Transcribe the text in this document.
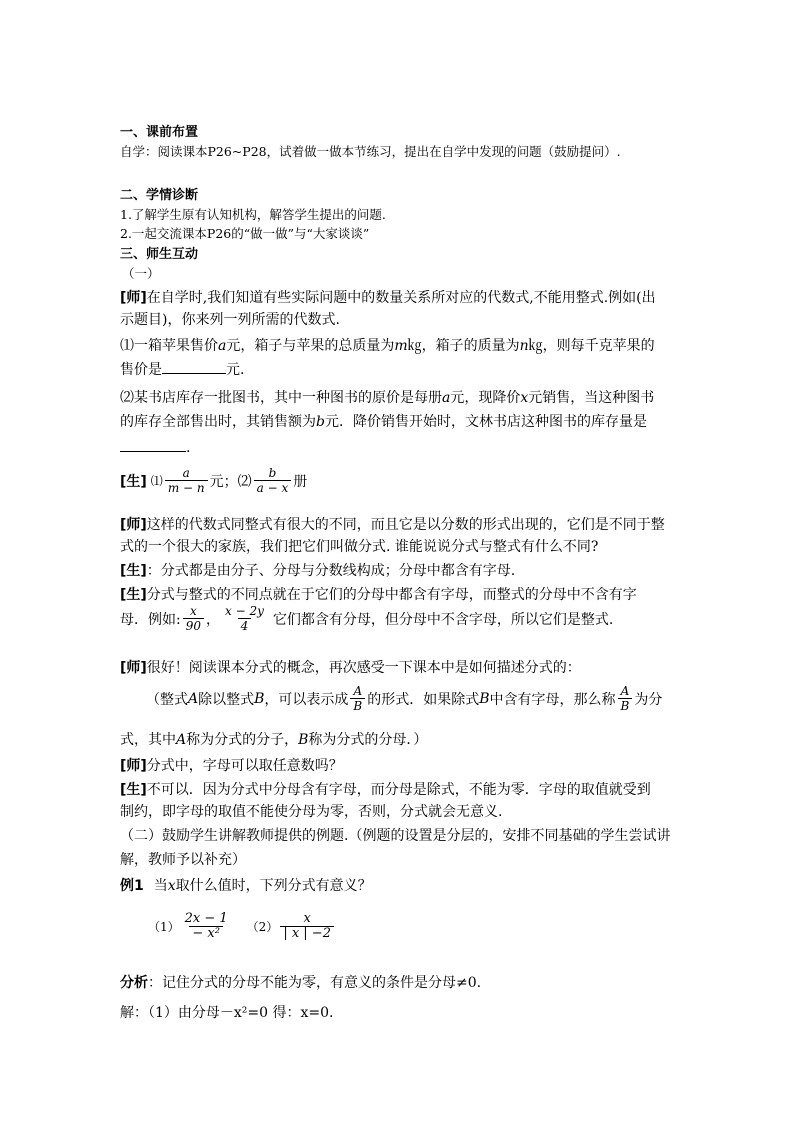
一、课前布置
自学：阅读课本P26~P28，试着做一做本节练习，提出在自学中发现的问题（鼓励提问）.
二、学情诊断
1.了解学生原有认知机构，解答学生提出的问题.
2.一起交流课本P26的“做一做”与“大家谈谈”
三、师生互动
（一）
[师]在自学时,我们知道有些实际问题中的数量关系所对应的代数式,不能用整式.例如(出
示题目)，你来列一列所需的代数式.
⑴一箱苹果售价a元，箱子与苹果的总质量为m㎏，箱子的质量为n㎏，则每千克苹果的
售价是	元.
⑵某书店库存一批图书，其中一种图书的原价是每册a元，现降价x元销售，当这种图书
的库存全部售出时，其销售额为b元．降价销售开始时，文林书店这种图书的库存量是
.
[生] ⑴ $\frac{a}{m - n}$ 元；⑵ $\frac{b}{a - x}$ 册
[师]这样的代数式同整式有很大的不同，而且它是以分数的形式出现的，它们是不同于整
式的一个很大的家族，我们把它们叫做分式. 谁能说说分式与整式有什么不同?
[生]：分式都是由分子、分母与分数线构成；分母中都含有字母.
[生]分式与整式的不同点就在于它们的分母中都含有字母，而整式的分母中不含有字
母．例如: $\frac{x}{90}$ ， $\frac{x - 2y}{4}$ 它们都含有分母，但分母中不含字母，所以它们是整式.
[师]很好！阅读课本分式的概念，再次感受一下课本中是如何描述分式的：
（整式 A 除以整式 B ，可以表示成 $\frac{A}{B}$ 的形式．如果除式 B 中含有字母，那么称 $\frac{A}{B}$ 为分
式，其中A称为分式的分子，B称为分式的分母．）
[师]分式中，字母可以取任意数吗？
[生]不可以．因为分式中分母含有字母，而分母是除式，不能为零．字母的取值就受到
制约，即字母的取值不能使分母为零，否则，分式就会无意义.
（二）鼓励学生讲解教师提供的例题.（例题的设置是分层的，安排不同基础的学生尝试讲
解，教师予以补充）
例1 当x取什么值时，下列分式有意义？
$(1) \frac{2x - 1}{\text{− x²}} (2) \frac{x}{| x | -2}$
分析：记住分式的分母不能为零，有意义的条件是分母≠0.
解：（1）由分母－x²=0 得：x=0.
